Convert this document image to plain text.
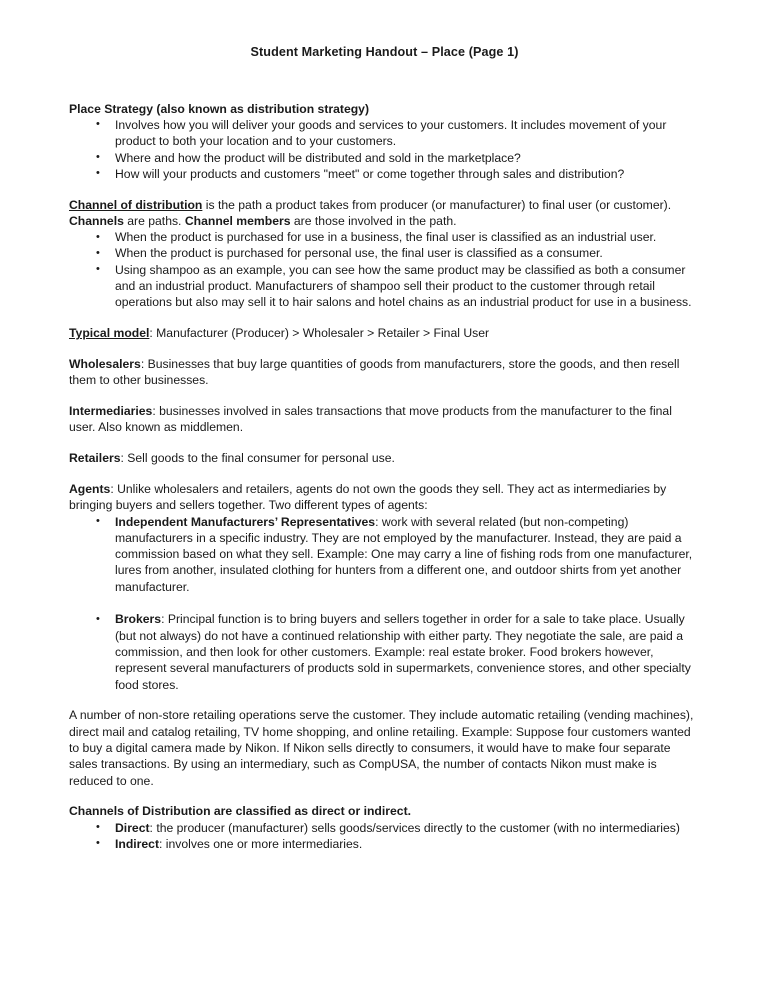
Student Marketing Handout – Place (Page 1)

Place Strategy (also known as distribution strategy)

• Involves how you will deliver your goods and services to your customers. It includes movement of your product to both your location and to your customers.
• Where and how the product will be distributed and sold in the marketplace?
• How will your products and customers "meet" or come together through sales and distribution?

Channel of distribution is the path a product takes from producer (or manufacturer) to final user (or customer). Channels are paths. Channel members are those involved in the path.

• When the product is purchased for use in a business, the final user is classified as an industrial user.
• When the product is purchased for personal use, the final user is classified as a consumer.
• Using shampoo as an example, you can see how the same product may be classified as both a consumer and an industrial product. Manufacturers of shampoo sell their product to the customer through retail operations but also may sell it to hair salons and hotel chains as an industrial product for use in a business.

Typical model: Manufacturer (Producer) > Wholesaler > Retailer > Final User

Wholesalers: Businesses that buy large quantities of goods from manufacturers, store the goods, and then resell them to other businesses.

Intermediaries: businesses involved in sales transactions that move products from the manufacturer to the final user. Also known as middlemen.

Retailers: Sell goods to the final consumer for personal use.

Agents: Unlike wholesalers and retailers, agents do not own the goods they sell. They act as intermediaries by bringing buyers and sellers together. Two different types of agents:

• Independent Manufacturers’ Representatives: work with several related (but non-competing) manufacturers in a specific industry. They are not employed by the manufacturer. Instead, they are paid a commission based on what they sell. Example: One may carry a line of fishing rods from one manufacturer, lures from another, insulated clothing for hunters from a different one, and outdoor shirts from yet another manufacturer.
• Brokers: Principal function is to bring buyers and sellers together in order for a sale to take place. Usually (but not always) do not have a continued relationship with either party. They negotiate the sale, are paid a commission, and then look for other customers. Example: real estate broker. Food brokers however, represent several manufacturers of products sold in supermarkets, convenience stores, and other specialty food stores.

A number of non-store retailing operations serve the customer. They include automatic retailing (vending machines), direct mail and catalog retailing, TV home shopping, and online retailing. Example: Suppose four customers wanted to buy a digital camera made by Nikon. If Nikon sells directly to consumers, it would have to make four separate sales transactions. By using an intermediary, such as CompUSA, the number of contacts Nikon must make is reduced to one.

Channels of Distribution are classified as direct or indirect.

• Direct: the producer (manufacturer) sells goods/services directly to the customer (with no intermediaries)
• Indirect: involves one or more intermediaries.
